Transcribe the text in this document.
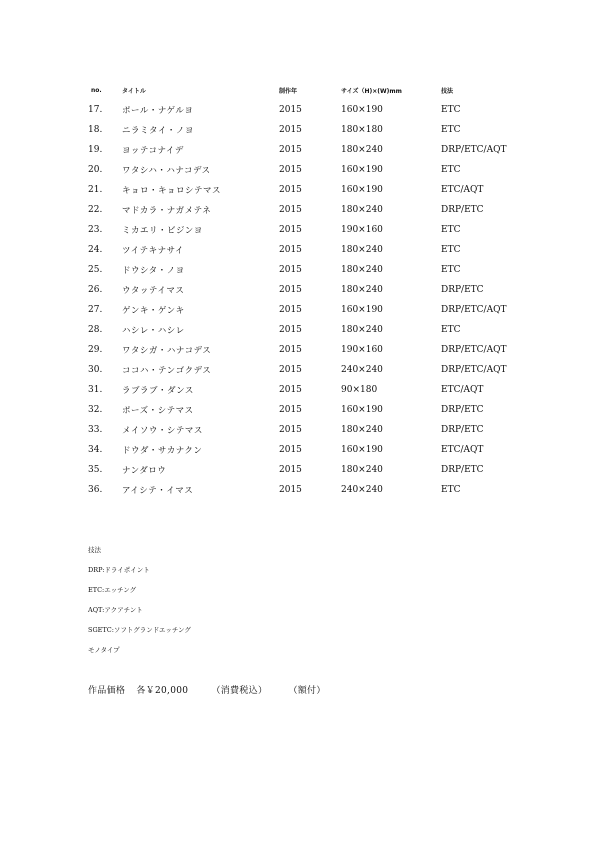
no.	タイトル	制作年	サイズ（H)×(W)mm	技法
17.	ポール・ナゲルヨ	2015	160×190	ETC
18.	ニラミタイ・ノヨ	2015	180×180	ETC
19.	ヨッテコナイデ	2015	180×240	DRP/ETC/AQT
20.	ワタシハ・ハナコデス	2015	160×190	ETC
21.	キョロ・キョロシテマス	2015	160×190	ETC/AQT
22.	マドカラ・ナガメテネ	2015	180×240	DRP/ETC
23.	ミカエリ・ビジンヨ	2015	190×160	ETC
24.	ツイテキナサイ	2015	180×240	ETC
25.	ドウシタ・ノヨ	2015	180×240	ETC
26.	ウタッテイマス	2015	180×240	DRP/ETC
27.	ゲンキ・ゲンキ	2015	160×190	DRP/ETC/AQT
28.	ハシレ・ハシレ	2015	180×240	ETC
29.	ワタシガ・ハナコデス	2015	190×160	DRP/ETC/AQT
30.	ココハ・テンゴクデス	2015	240×240	DRP/ETC/AQT
31.	ラブラブ・ダンス	2015	90×180	ETC/AQT
32.	ポーズ・シテマス	2015	160×190	DRP/ETC
33.	メイソウ・シテマス	2015	180×240	DRP/ETC
34.	ドウダ・サカナクン	2015	160×190	ETC/AQT
35.	ナンダロウ	2015	180×240	DRP/ETC
36.	アイシテ・イマス	2015	240×240	ETC
技法
DRP:ドライポイント
ETC:エッチング
AQT:アクアチント
SGETC:ソフトグランドエッチング
モノタイプ
作品価格 各￥20,000	（消費税込） （額付）
